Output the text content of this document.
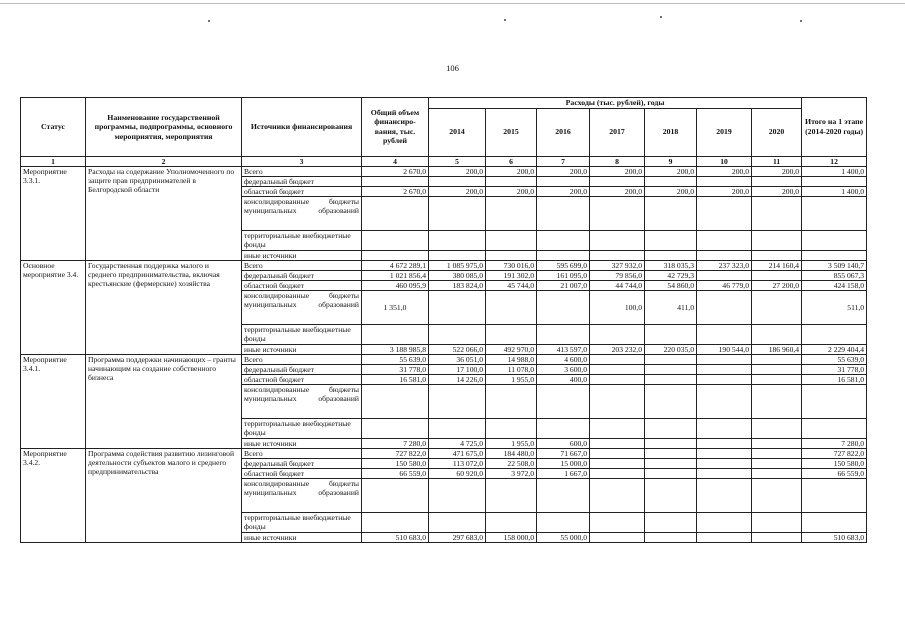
106
Статус	Наименование государственной программы, подпрограммы, основного мероприятия, мероприятия	Источники финансирования	Общий объем финансиро-вания, тыс. рублей	Расходы (тыс. рублей), годы							Итого на 1 этапе (2014-2020 годы)
				2014	2015	2016	2017	2018	2019	2020	
1	2	3	4	5	6	7	8	9	10	11	12
Мероприятие 3.3.1.	Расходы на содержание Уполномоченного по защите прав предпринимателей в Белгородской области	Всего	2 670,0	200,0	200,0	200,0	200,0	200,0	200,0	200,0	1 400,0
		федеральный бюджет									
		областной бюджет	2 670,0	200,0	200,0	200,0	200,0	200,0	200,0	200,0	1 400,0
		консолидированные бюджеты муниципальных образований									
		территориальные внебюджетные фонды									
		иные источники									
Основное мероприятие 3.4.	Государственная поддержка малого и среднего предпринимательства, включая крестьянские (фермерские) хозяйства	Всего	4 672 289,1	1 085 975,0	730 016,0	595 699,0	327 932,0	318 035,3	237 323,0	214 160,4	3 509 140,7
		федеральный бюджет	1 021 856,4	380 085,0	191 302,0	161 095,0	79 856,0	42 729,3			855 067,3
		областной бюджет	460 095,9	183 824,0	45 744,0	21 007,0	44 744,0	54 860,0	46 779,0	27 200,0	424 158,0
		консолидированные бюджеты муниципальных образований	1 351,0				100,0	411,0			511,0
		территориальные внебюджетные фонды									
		иные источники	3 188 985,8	522 066,0	492 970,0	413 597,0	203 232,0	220 035,0	190 544,0	186 960,4	2 229 404,4
Мероприятие 3.4.1.	Программа поддержки начинающих – гранты начинающим на создание собственного бизнеса	Всего	55 639,0	36 051,0	14 988,0	4 600,0					55 639,0
		федеральный бюджет	31 778,0	17 100,0	11 078,0	3 600,0					31 778,0
		областной бюджет	16 581,0	14 226,0	1 955,0	400,0					16 581,0
		консолидированные бюджеты муниципальных образований									
		территориальные внебюджетные фонды									
		иные источники	7 280,0	4 725,0	1 955,0	600,0					7 280,0
Мероприятие 3.4.2.	Программа содействия развитию лизинговой деятельности субъектов малого и среднего предпринимательства	Всего	727 822,0	471 675,0	184 480,0	71 667,0					727 822,0
		федеральный бюджет	150 580,0	113 072,0	22 508,0	15 000,0					150 580,0
		областной бюджет	66 559,0	60 920,0	3 972,0	1 667,0					66 559,0
		консолидированные бюджеты муниципальных образований									
		территориальные внебюджетные фонды									
		иные источники	510 683,0	297 683,0	158 000,0	55 000,0					510 683,0
